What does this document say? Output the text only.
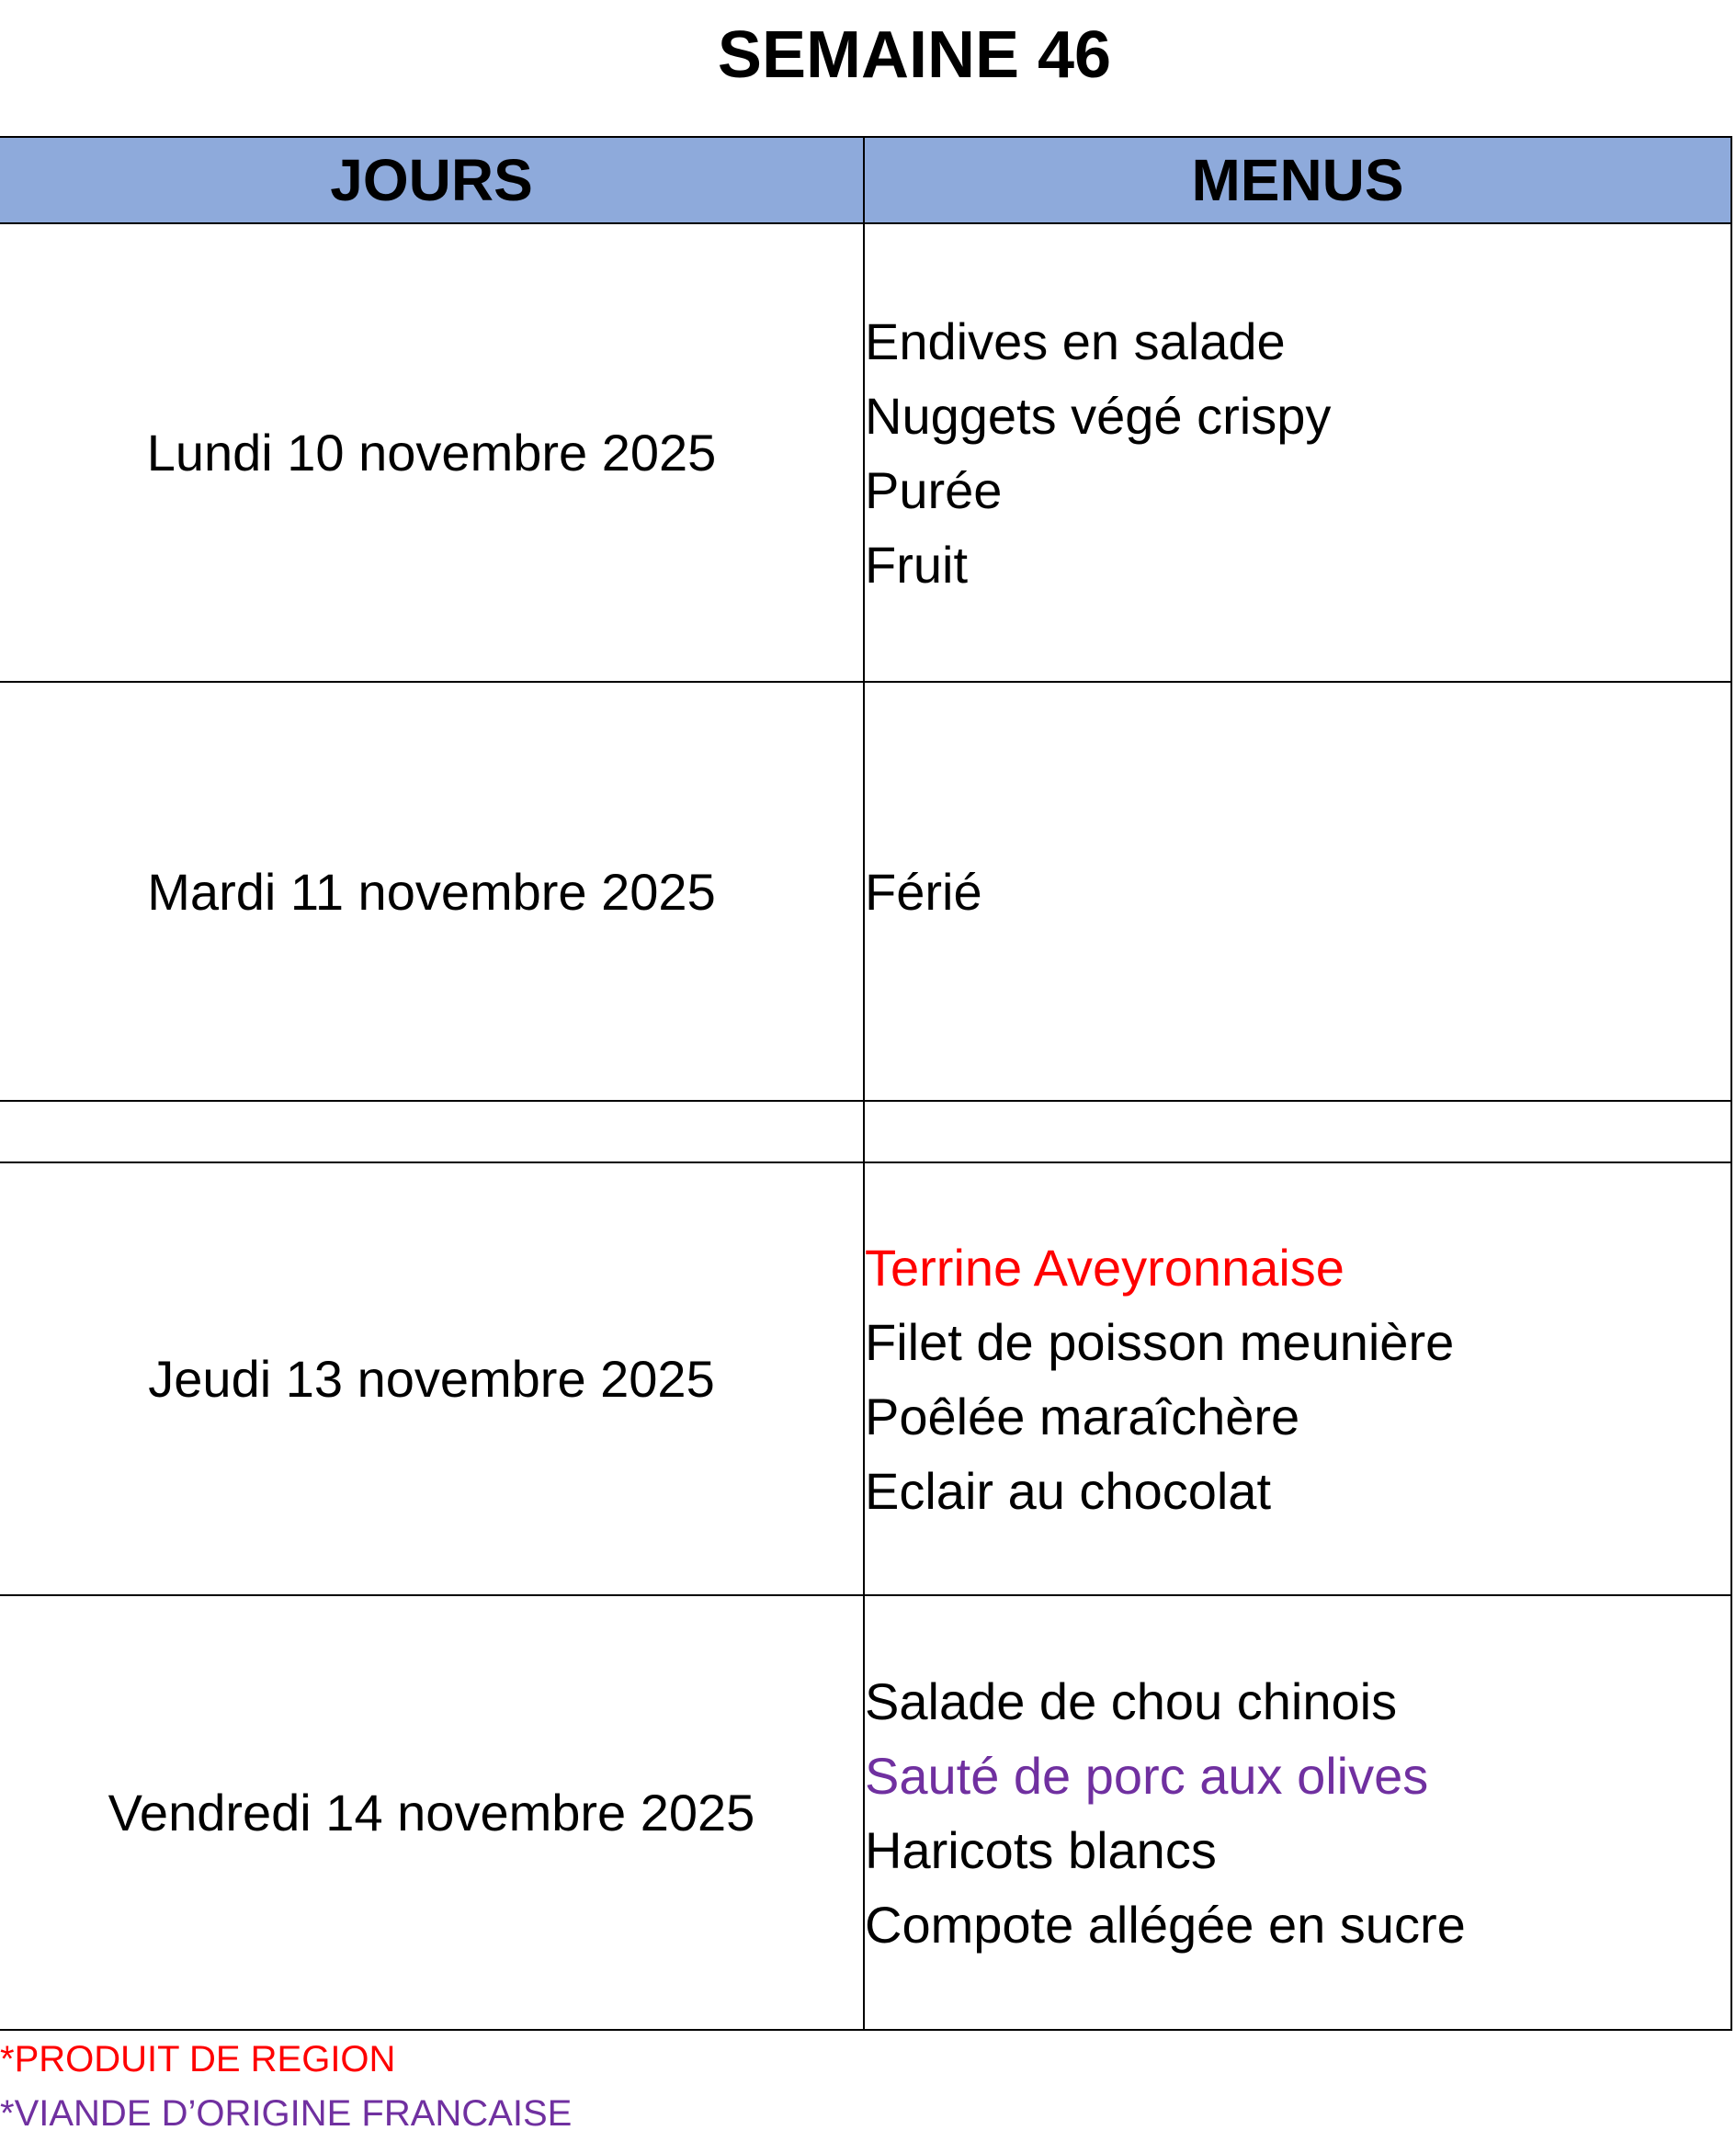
SEMAINE 46
JOURS	MENUS
Lundi 10 novembre 2025	Endives en salade
Nuggets végé crispy
Purée
Fruit

Mardi 11 novembre 2025	Férié

Jeudi 13 novembre 2025	Terrine Aveyronnaise
Filet de poisson meunière
Poêlée maraîchère
Eclair au chocolat

Vendredi 14 novembre 2025	Salade de chou chinois
Sauté de porc aux olives
Haricots blancs
Compote allégée en sucre
*PRODUIT DE REGION
*VIANDE D’ORIGINE FRANCAISE
